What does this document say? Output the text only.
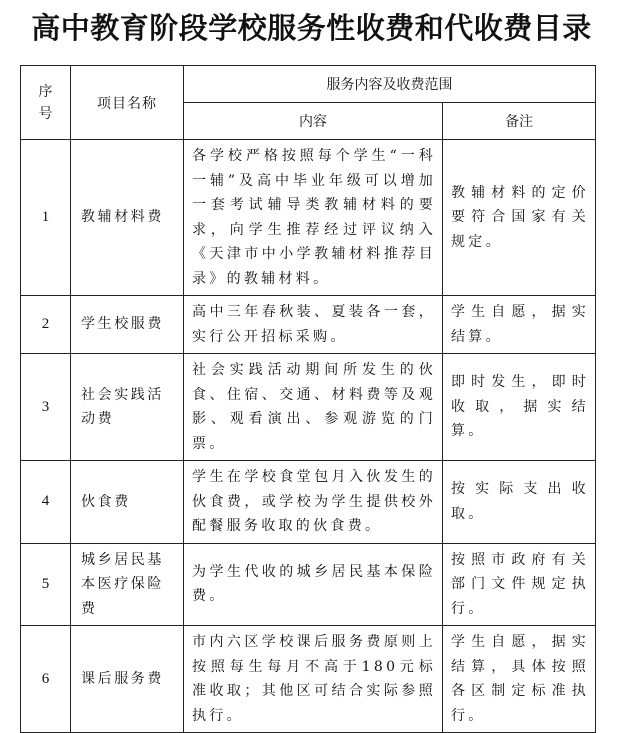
高中教育阶段学校服务性收费和代收费目录
序号	项目名称	服务内容及收费范围	
		内容	备注
1	教辅材料费	各学校严格按照每个学生“一科一辅”及高中毕业年级可以增加一套考试辅导类教辅材料的要求，向学生推荐经过评议纳入《天津市中小学教辅材料推荐目录》的教辅材料。	教辅材料的定价要符合国家有关规定。

2	学生校服费	高中三年春秋装、夏装各一套，实行公开招标采购。	学生自愿，据实结算。

3	社会实践活动费	社会实践活动期间所发生的伙食、住宿、交通、材料费等及观影、观看演出、参观游览的门票。	即时发生，即时收取，据实结算。

4	伙食费	学生在学校食堂包月入伙发生的伙食费，或学校为学生提供校外配餐服务收取的伙食费。	按实际支出收取。

5	城乡居民基本医疗保险费	为学生代收的城乡居民基本保险费。	按照市政府有关部门文件规定执行。

6	课后服务费	市内六区学校课后服务费原则上按照每生每月不高于180元标准收取；其他区可结合实际参照执行。	学生自愿，据实结算，具体按照各区制定标准执行。
